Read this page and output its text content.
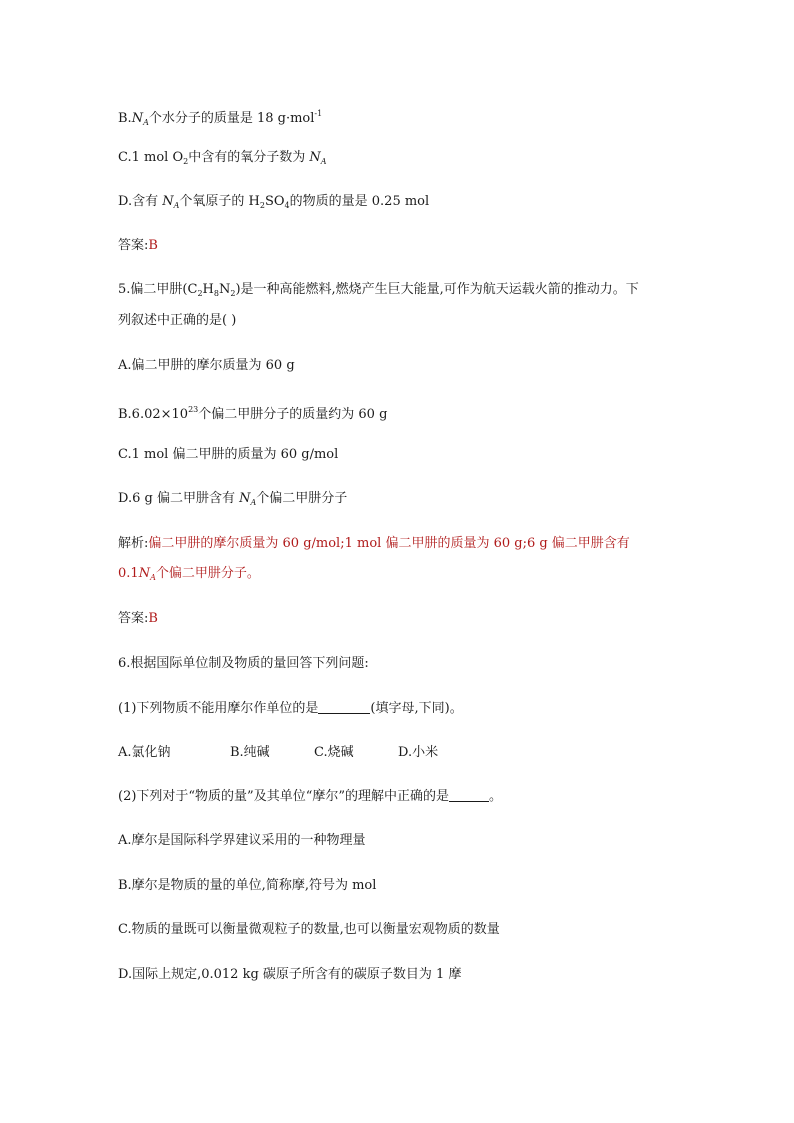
$B.N_A$个水分子的质量是 18 g·mol$^{-1}$
C.1 mol $O_2$中含有的氧分子数为 $N_A$
D.含有 $N_A$个氧原子的 $H_2SO_4$的物质的量是 0.25 mol
答案:B
5.偏二甲肼$(C_2H_8N_2)$是一种高能燃料,燃烧产生巨大能量,可作为航天运载火箭的推动力。下
列叙述中正确的是( )
A.偏二甲肼的摩尔质量为 60 g
$B.6.02\times 10^{23}$个偏二甲肼分子的质量约为 60 g
C.1 mol 偏二甲肼的质量为 60 g/mol
D.6 g 偏二甲肼含有 $N_A$个偏二甲肼分子
解析:偏二甲肼的摩尔质量为 60 g/mol;1 mol 偏二甲肼的质量为 60 g;6 g 偏二甲肼含有
$0.1N_A$个偏二甲肼分子。
答案:B
6.根据国际单位制及物质的量回答下列问题:
(1)下列物质不能用摩尔作单位的是	(填字母,下同)。
A.氯化钠	B.纯碱	C.烧碱	D.小米
(2)下列对于“物质的量”及其单位“摩尔”的理解中正确的是	。
A.摩尔是国际科学界建议采用的一种物理量
B.摩尔是物质的量的单位,简称摩,符号为 mol
C.物质的量既可以衡量微观粒子的数量,也可以衡量宏观物质的数量
D.国际上规定,0.012 kg 碳原子所含有的碳原子数目为 1 摩
